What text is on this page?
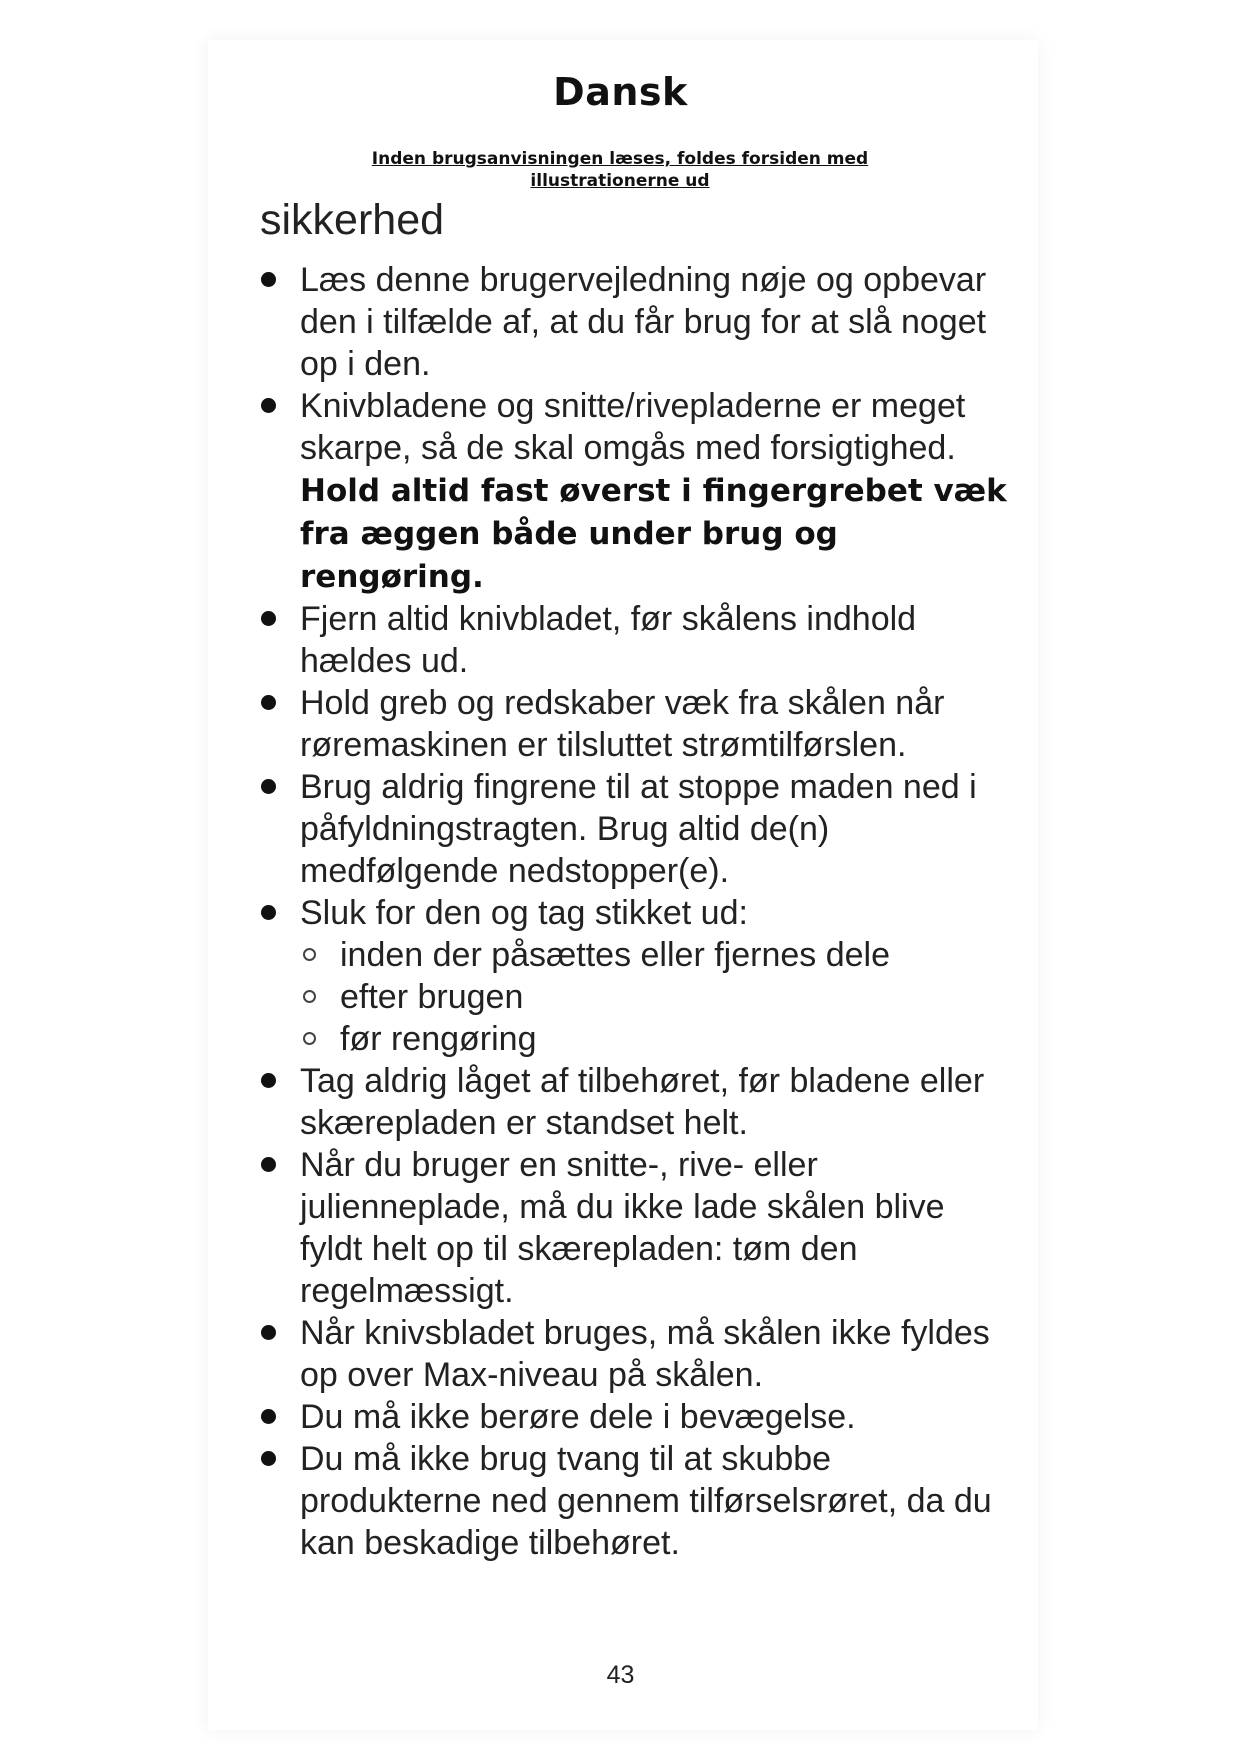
Dansk
Inden brugsanvisningen læses, foldes forsiden med illustrationerne ud
sikkerhed
Læs denne brugervejledning nøje og opbevar den i tilfælde af, at du får brug for at slå noget op i den.
Knivbladene og snitte/rivepladerne er meget skarpe, så de skal omgås med forsigtighed. Hold altid fast øverst i fingergrebet væk fra æggen både under brug og rengøring.
Fjern altid knivbladet, før skålens indhold hældes ud.
Hold greb og redskaber væk fra skålen når røremaskinen er tilsluttet strømtilførslen.
Brug aldrig fingrene til at stoppe maden ned i påfyldningstragten. Brug altid de(n) medfølgende nedstopper(e).
Sluk for den og tag stikket ud:
inden der påsættes eller fjernes dele
efter brugen
før rengøring
Tag aldrig låget af tilbehøret, før bladene eller skærepladen er standset helt.
Når du bruger en snitte-, rive- eller julienneplade, må du ikke lade skålen blive fyldt helt op til skærepladen: tøm den regelmæssigt.
Når knivsbladet bruges, må skålen ikke fyldes op over Max-niveau på skålen.
Du må ikke berøre dele i bevægelse.
Du må ikke brug tvang til at skubbe produkterne ned gennem tilførselsrøret, da du kan beskadige tilbehøret.
43
